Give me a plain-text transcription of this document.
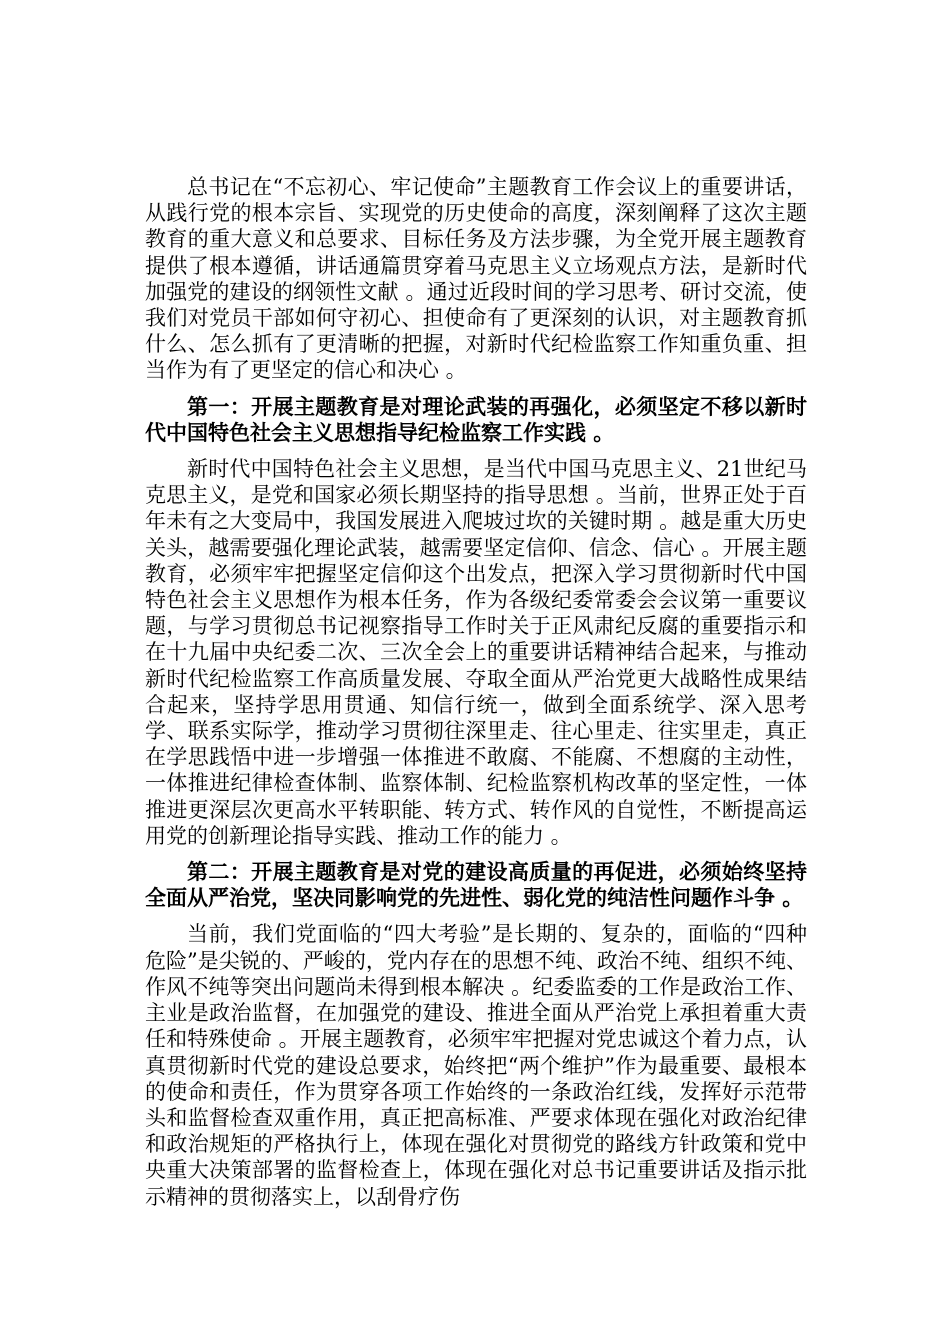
总书记在“不忘初心、牢记使命”主题教育工作会议上的重要讲话，从践行党的根本宗旨、实现党的历史使命的高度，深刻阐释了这次主题教育的重大意义和总要求、目标任务及方法步骤，为全党开展主题教育提供了根本遵循，讲话通篇贯穿着马克思主义立场观点方法，是新时代加强党的建设的纲领性文献 。通过近段时间的学习思考、研讨交流，使我们对党员干部如何守初心、担使命有了更深刻的认识，对主题教育抓什么、怎么抓有了更清晰的把握，对新时代纪检监察工作知重负重、担当作为有了更坚定的信心和决心 。

第一：开展主题教育是对理论武装的再强化，必须坚定不移以新时代中国特色社会主义思想指导纪检监察工作实践 。

新时代中国特色社会主义思想，是当代中国马克思主义、21世纪马克思主义，是党和国家必须长期坚持的指导思想 。当前，世界正处于百年未有之大变局中，我国发展进入爬坡过坎的关键时期 。越是重大历史关头，越需要强化理论武装，越需要坚定信仰、信念、信心 。开展主题教育，必须牢牢把握坚定信仰这个出发点，把深入学习贯彻新时代中国特色社会主义思想作为根本任务，作为各级纪委常委会会议第一重要议题，与学习贯彻总书记视察指导工作时关于正风肃纪反腐的重要指示和在十九届中央纪委二次、三次全会上的重要讲话精神结合起来，与推动新时代纪检监察工作高质量发展、夺取全面从严治党更大战略性成果结合起来，坚持学思用贯通、知信行统一，做到全面系统学、深入思考学、联系实际学，推动学习贯彻往深里走、往心里走、往实里走，真正在学思践悟中进一步增强一体推进不敢腐、不能腐、不想腐的主动性，一体推进纪律检查体制、监察体制、纪检监察机构改革的坚定性，一体推进更深层次更高水平转职能、转方式、转作风的自觉性，不断提高运用党的创新理论指导实践、推动工作的能力 。

第二：开展主题教育是对党的建设高质量的再促进，必须始终坚持全面从严治党，坚决同影响党的先进性、弱化党的纯洁性问题作斗争 。

当前，我们党面临的“四大考验”是长期的、复杂的，面临的“四种危险”是尖锐的、严峻的，党内存在的思想不纯、政治不纯、组织不纯、作风不纯等突出问题尚未得到根本解决 。纪委监委的工作是政治工作、主业是政治监督，在加强党的建设、推进全面从严治党上承担着重大责任和特殊使命 。开展主题教育，必须牢牢把握对党忠诚这个着力点，认真贯彻新时代党的建设总要求，始终把“两个维护”作为最重要、最根本的使命和责任，作为贯穿各项工作始终的一条政治红线，发挥好示范带头和监督检查双重作用，真正把高标准、严要求体现在强化对政治纪律和政治规矩的严格执行上，体现在强化对贯彻党的路线方针政策和党中央重大决策部署的监督检查上，体现在强化对总书记重要讲话及指示批示精神的贯彻落实上，以刮骨疗伤
